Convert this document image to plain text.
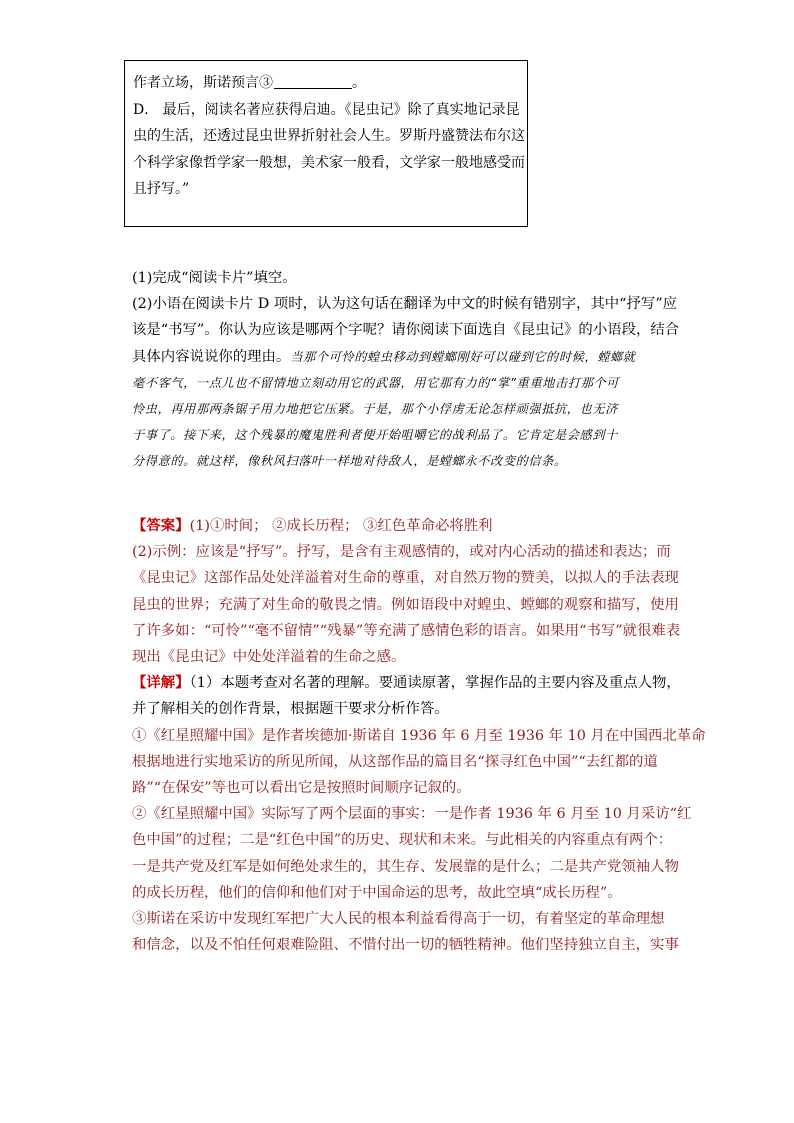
作者立场，斯诺预言③	。

D． 最后，阅读名著应获得启迪。《昆虫记》除了真实地记录昆

虫的生活，还透过昆虫世界折射社会人生。罗斯丹盛赞法布尔这

个科学家像哲学家一般想，美术家一般看，文学家一般地感受而

且抒写。”

(1)完成“阅读卡片”填空。

(2)小语在阅读卡片 D 项时，认为这句话在翻译为中文的时候有错别字，其中“抒写”应

该是“书写”。你认为应该是哪两个字呢？请你阅读下面选自《昆虫记》的小语段，结合

具体内容说说你的理由。当那个可怜的蝗虫移动到螳螂刚好可以碰到它的时候，螳螂就

毫不客气，一点儿也不留情地立刻动用它的武器，用它那有力的“掌”重重地击打那个可

怜虫，再用那两条锯子用力地把它压紧。于是，那个小俘虏无论怎样顽强抵抗，也无济

于事了。接下来，这个残暴的魔鬼胜利者便开始咀嚼它的战利品了。它肯定是会感到十

分得意的。就这样，像秋风扫落叶一样地对待敌人，是螳螂永不改变的信条。

【答案】(1)①时间； ②成长历程； ③红色革命必将胜利

(2)示例：应该是“抒写”。抒写，是含有主观感情的，或对内心活动的描述和表达；而

《昆虫记》这部作品处处洋溢着对生命的尊重，对自然万物的赞美，以拟人的手法表现

昆虫的世界；充满了对生命的敬畏之情。例如语段中对蝗虫、螳螂的观察和描写，使用

了许多如：“可怜”“毫不留情”“残暴”等充满了感情色彩的语言。如果用“书写”就很难表

现出《昆虫记》中处处洋溢着的生命之感。

【详解】（1）本题考查对名著的理解。要通读原著，掌握作品的主要内容及重点人物，

并了解相关的创作背景，根据题干要求分析作答。

①《红星照耀中国》是作者埃德加·斯诺自 1936 年 6 月至 1936 年 10 月在中国西北革命

根据地进行实地采访的所见所闻，从这部作品的篇目名“探寻红色中国”“去红都的道

路”“在保安”等也可以看出它是按照时间顺序记叙的。

②《红星照耀中国》实际写了两个层面的事实：一是作者 1936 年 6 月至 10 月采访“红

色中国”的过程；二是“红色中国”的历史、现状和未来。与此相关的内容重点有两个：

一是共产党及红军是如何绝处求生的，其生存、发展靠的是什么；二是共产党领袖人物

的成长历程，他们的信仰和他们对于中国命运的思考，故此空填“成长历程”。

③斯诺在采访中发现红军把广大人民的根本利益看得高于一切，有着坚定的革命理想

和信念，以及不怕任何艰难险阻、不惜付出一切的牺牲精神。他们坚持独立自主，实事
